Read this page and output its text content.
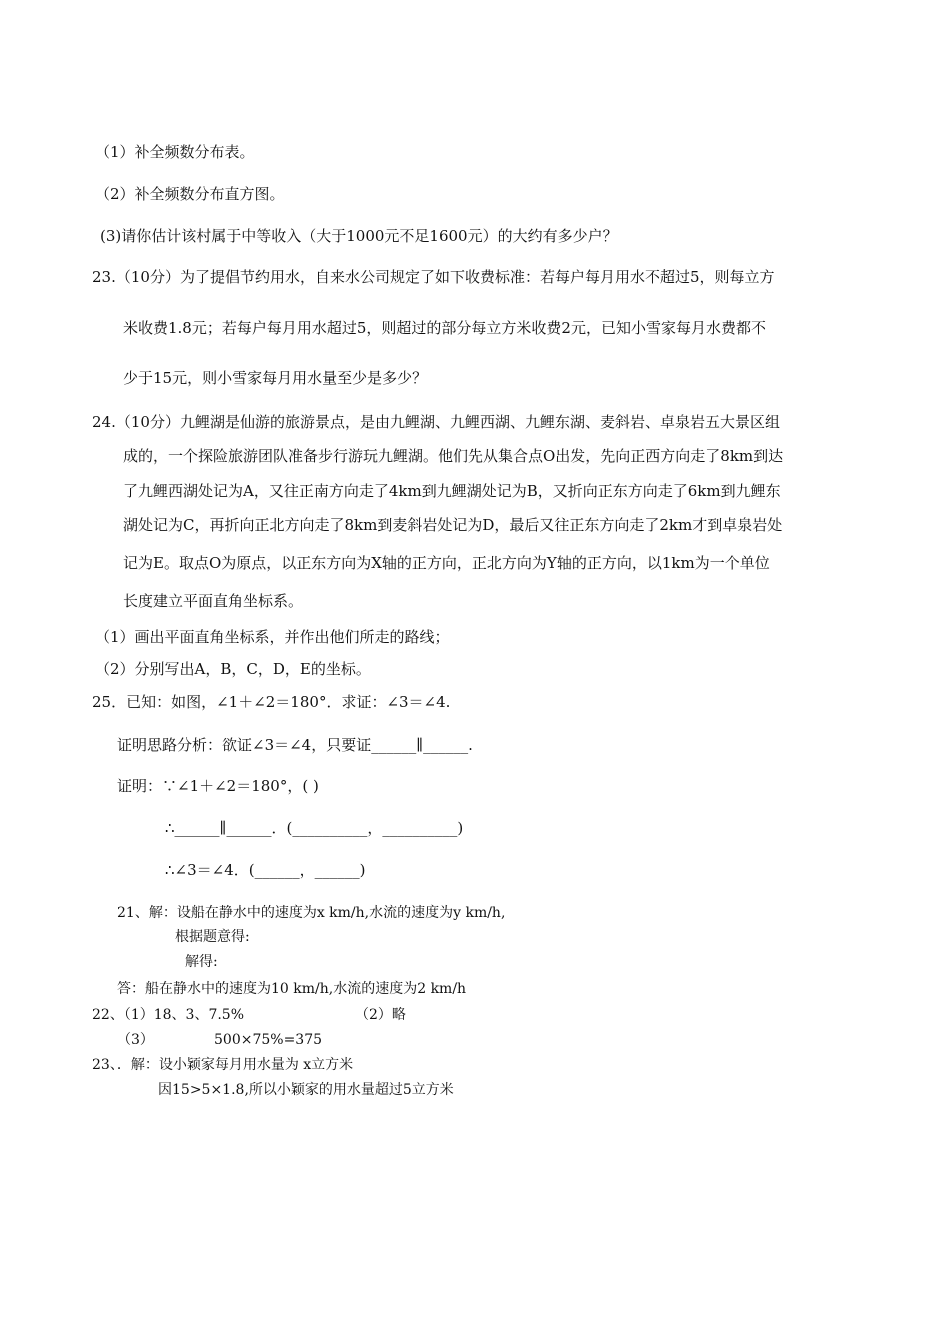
（1）补全频数分布表。
（2）补全频数分布直方图。
(3)请你估计该村属于中等收入（大于1000元不足1600元）的大约有多少户？
23.（10分）为了提倡节约用水，自来水公司规定了如下收费标准：若每户每月用水不超过5，则每立方
米收费1.8元；若每户每月用水超过5，则超过的部分每立方米收费2元，已知小雪家每月水费都不
少于15元，则小雪家每月用水量至少是多少？
24.（10分）九鲤湖是仙游的旅游景点，是由九鲤湖、九鲤西湖、九鲤东湖、麦斜岩、卓泉岩五大景区组
成的，一个探险旅游团队准备步行游玩九鲤湖。他们先从集合点O出发，先向正西方向走了8km到达
了九鲤西湖处记为A，又往正南方向走了4km到九鲤湖处记为B，又折向正东方向走了6km到九鲤东
湖处记为C，再折向正北方向走了8km到麦斜岩处记为D，最后又往正东方向走了2km才到卓泉岩处
记为E。取点O为原点，以正东方向为X轴的正方向，正北方向为Y轴的正方向，以1km为一个单位
长度建立平面直角坐标系。
（1）画出平面直角坐标系，并作出他们所走的路线；
（2）分别写出A，B，C，D，E的坐标。
25．已知：如图，∠1＋∠2＝180°．求证：∠3＝∠4.
证明思路分析：欲证∠3＝∠4，只要证______∥______.
证明：∵∠1＋∠2＝180°，( )
∴______∥______．(__________，__________)
∴∠3＝∠4．(______，______)
21、解：设船在静水中的速度为x km/h,水流的速度为y km/h,
根据题意得:
解得:
答：船在静水中的速度为10 km/h,水流的速度为2 km/h
22、（1）18、3、7.5%	（2）略
（3）	500×75%=375
23、．解：设小颖家每月用水量为 x立方米
因15>5×1.8,所以小颖家的用水量超过5立方米
